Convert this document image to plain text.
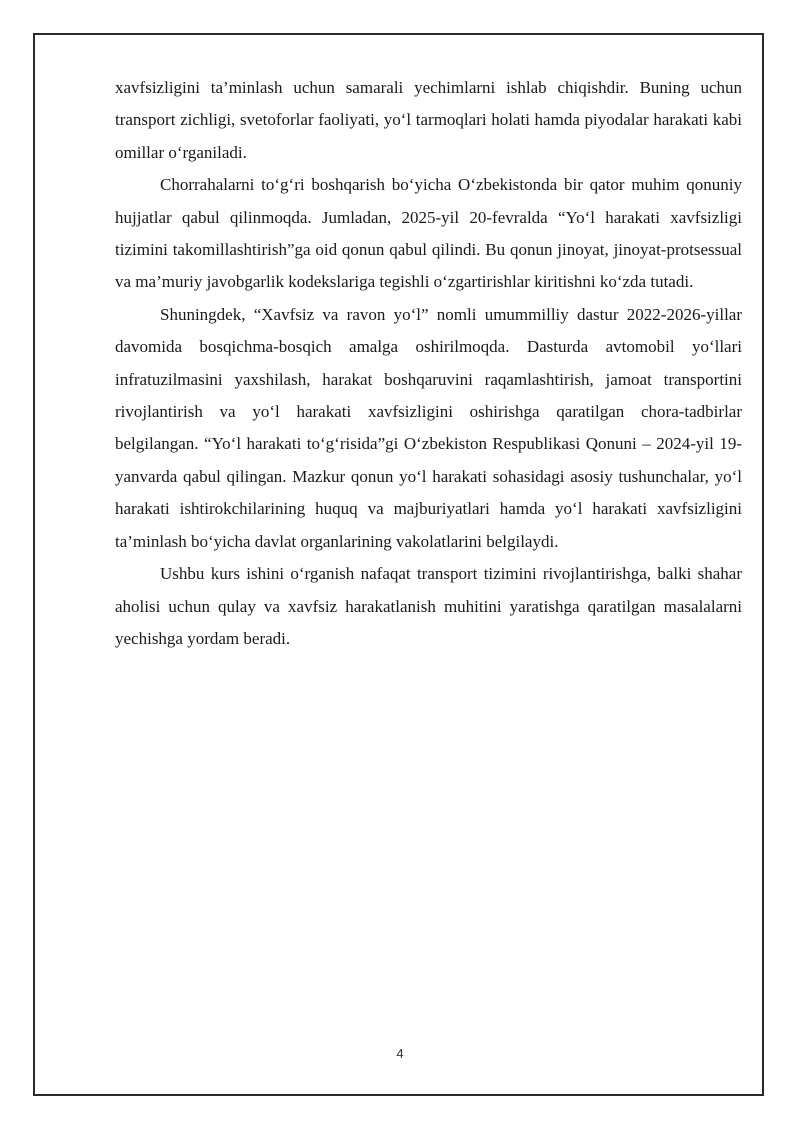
xavfsizligini ta’minlash uchun samarali yechimlarni ishlab chiqishdir. Buning uchun transport zichligi, svetoforlar faoliyati, yo‘l tarmoqlari holati hamda piyodalar harakati kabi omillar o‘rganiladi.

Chorrahalarni to‘g‘ri boshqarish bo‘yicha O‘zbekistonda bir qator muhim qonuniy hujjatlar qabul qilinmoqda. Jumladan, 2025-yil 20-fevralda “Yo‘l harakati xavfsizligi tizimini takomillashtirish”ga oid qonun qabul qilindi. Bu qonun jinoyat, jinoyat-protsessual va ma’muriy javobgarlik kodekslariga tegishli o‘zgartirishlar kiritishni ko‘zda tutadi.

Shuningdek, “Xavfsiz va ravon yo‘l” nomli umummilliy dastur 2022-2026-yillar davomida bosqichma-bosqich amalga oshirilmoqda. Dasturda avtomobil yo‘llari infratuzilmasini yaxshilash, harakat boshqaruvini raqamlashtirish, jamoat transportini rivojlantirish va yo‘l harakati xavfsizligini oshirishga qaratilgan chora-tadbirlar belgilangan. “Yo‘l harakati to‘g‘risida”gi O‘zbekiston Respublikasi Qonuni – 2024-yil 19-yanvarda qabul qilingan. Mazkur qonun yo‘l harakati sohasidagi asosiy tushunchalar, yo‘l harakati ishtirokchilarining huquq va majburiyatlari hamda yo‘l harakati xavfsizligini ta’minlash bo‘yicha davlat organlarining vakolatlarini belgilaydi.

Ushbu kurs ishini o‘rganish nafaqat transport tizimini rivojlantirishga, balki shahar aholisi uchun qulay va xavfsiz harakatlanish muhitini yaratishga qaratilgan masalalarni yechishga yordam beradi.

4
